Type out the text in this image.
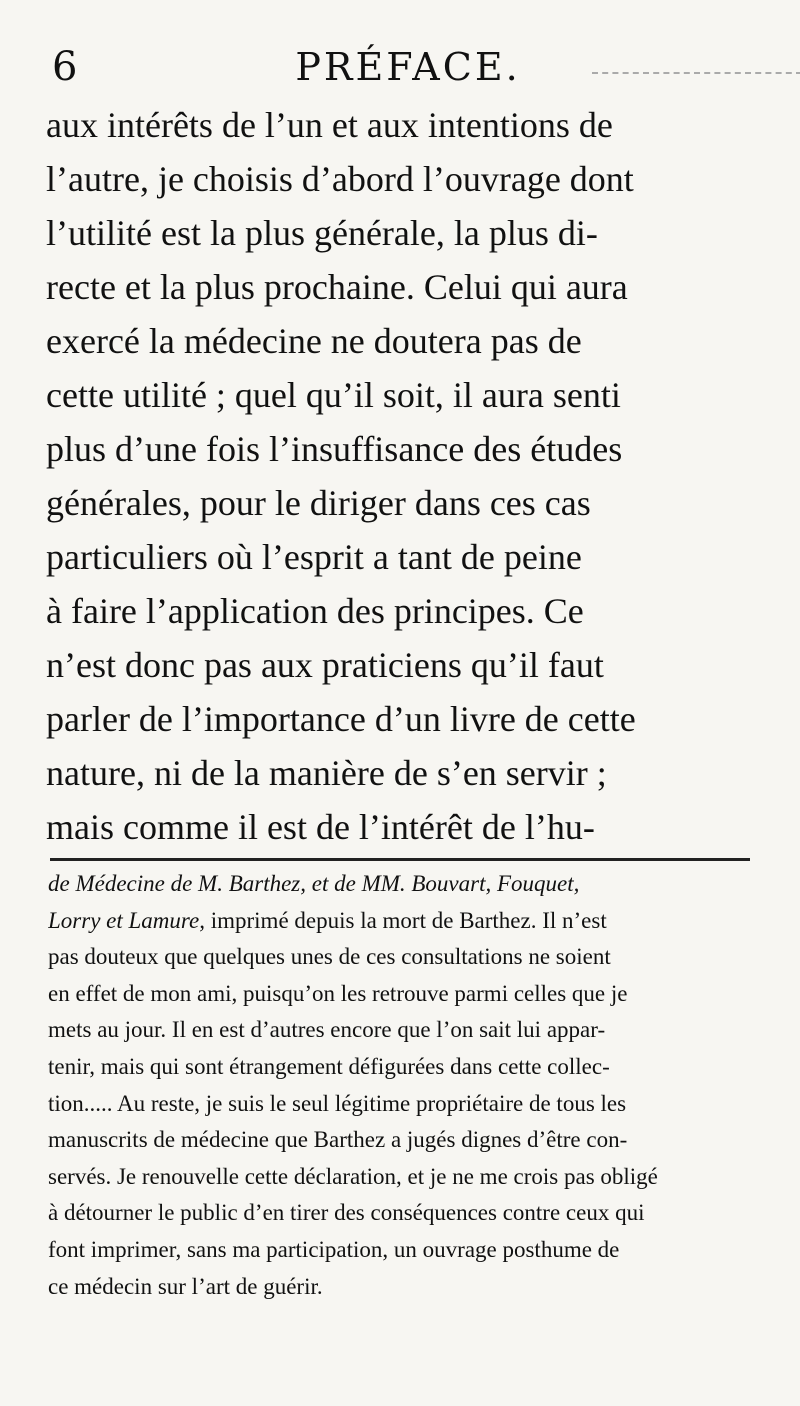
6	PRÉFACE.
aux intérêts de l’un et aux intentions de
l’autre, je choisis d’abord l’ouvrage dont
l’utilité est la plus générale, la plus di-
recte et la plus prochaine. Celui qui aura
exercé la médecine ne doutera pas de
cette utilité ; quel qu’il soit, il aura senti
plus d’une fois l’insuffisance des études
générales, pour le diriger dans ces cas
particuliers où l’esprit a tant de peine
à faire l’application des principes. Ce
n’est donc pas aux praticiens qu’il faut
parler de l’importance d’un livre de cette
nature, ni de la manière de s’en servir ;
mais comme il est de l’intérêt de l’hu-
de Médecine de M. Barthez, et de MM. Bouvart, Fouquet,
Lorry et Lamure, imprimé depuis la mort de Barthez. Il n’est
pas douteux que quelques unes de ces consultations ne soient
en effet de mon ami, puisqu’on les retrouve parmi celles que je
mets au jour. Il en est d’autres encore que l’on sait lui appar-
tenir, mais qui sont étrangement défigurées dans cette collec-
tion..... Au reste, je suis le seul légitime propriétaire de tous les
manuscrits de médecine que Barthez a jugés dignes d’être con-
servés. Je renouvelle cette déclaration, et je ne me crois pas obligé
à détourner le public d’en tirer des conséquences contre ceux qui
font imprimer, sans ma participation, un ouvrage posthume de
ce médecin sur l’art de guérir.
